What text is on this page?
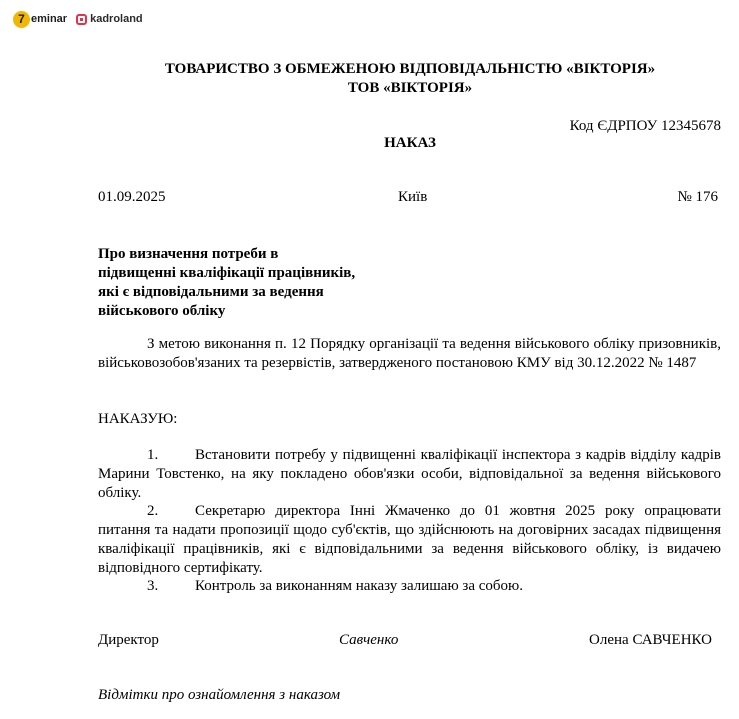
7 eminar kadroland
ТОВАРИСТВО З ОБМЕЖЕНОЮ ВІДПОВІДАЛЬНІСТЮ «ВІКТОРІЯ»
ТОВ «ВІКТОРІЯ»
Код ЄДРПОУ 12345678
НАКАЗ
01.09.2025	Київ	№ 176
Про визначення потреби в
підвищенні кваліфікації працівників,
які є відповідальними за ведення
військового обліку
З метою виконання п. 12 Порядку організації та ведення військового обліку призовників, військовозобов'язаних та резервістів, затвердженого постановою КМУ від 30.12.2022 № 1487
НАКАЗУЮ:
1. Встановити потребу у підвищенні кваліфікації інспектора з кадрів відділу кадрів Марини Товстенко, на яку покладено обов'язки особи, відповідальної за ведення військового обліку.
2. Секретарю директора Інні Жмаченко до 01 жовтня 2025 року опрацювати питання та надати пропозиції щодо суб'єктів, що здійснюють на договірних засадах підвищення кваліфікації працівників, які є відповідальними за ведення військового обліку, із видачею відповідного сертифікату.
3. Контроль за виконанням наказу залишаю за собою.
Директор	Савченко	Олена САВЧЕНКО
Відмітки про ознайомлення з наказом
